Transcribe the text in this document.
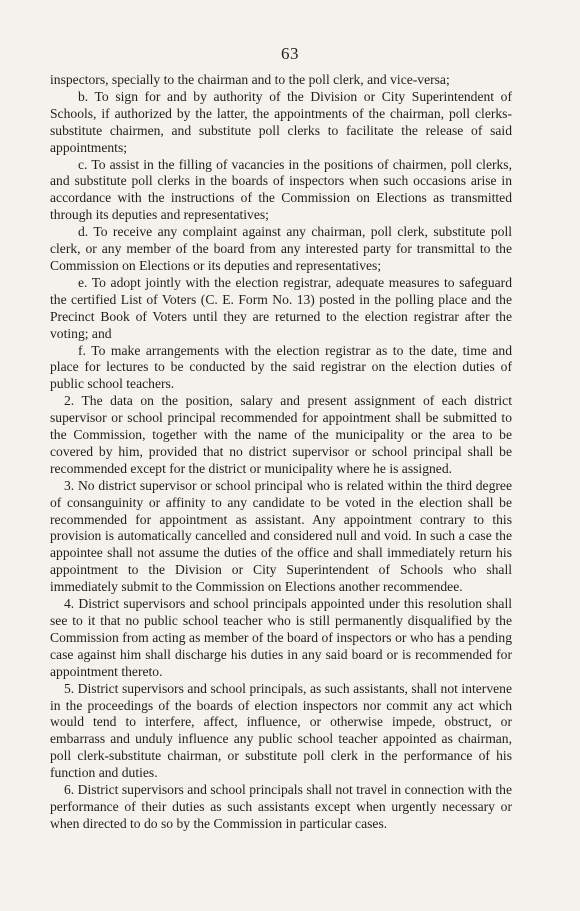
63

inspectors, specially to the chairman and to the poll clerk, and vice-versa;

b. To sign for and by authority of the Division or City Superintendent of Schools, if authorized by the latter, the appointments of the chairman, poll clerks-substitute chairmen, and substitute poll clerks to facilitate the release of said appointments;

c. To assist in the filling of vacancies in the positions of chairmen, poll clerks, and substitute poll clerks in the boards of inspectors when such occasions arise in accordance with the instructions of the Commission on Elections as transmitted through its deputies and representatives;

d. To receive any complaint against any chairman, poll clerk, substitute poll clerk, or any member of the board from any interested party for transmittal to the Commission on Elections or its deputies and representatives;

e. To adopt jointly with the election registrar, adequate measures to safeguard the certified List of Voters (C. E. Form No. 13) posted in the polling place and the Precinct Book of Voters until they are returned to the election registrar after the voting; and

f. To make arrangements with the election registrar as to the date, time and place for lectures to be conducted by the said registrar on the election duties of public school teachers.

2. The data on the position, salary and present assignment of each district supervisor or school principal recommended for appointment shall be submitted to the Commission, together with the name of the municipality or the area to be covered by him, provided that no district supervisor or school principal shall be recommended except for the district or municipality where he is assigned.

3. No district supervisor or school principal who is related within the third degree of consanguinity or affinity to any candidate to be voted in the election shall be recommended for appointment as assistant. Any appointment contrary to this provision is automatically cancelled and considered null and void. In such a case the appointee shall not assume the duties of the office and shall immediately return his appointment to the Division or City Superintendent of Schools who shall immediately submit to the Commission on Elections another recommendee.

4. District supervisors and school principals appointed under this resolution shall see to it that no public school teacher who is still permanently disqualified by the Commission from acting as member of the board of inspectors or who has a pending case against him shall discharge his duties in any said board or is recommended for appointment thereto.

5. District supervisors and school principals, as such assistants, shall not intervene in the proceedings of the boards of election inspectors nor commit any act which would tend to interfere, affect, influence, or otherwise impede, obstruct, or embarrass and unduly influence any public school teacher appointed as chairman, poll clerk-substitute chairman, or substitute poll clerk in the performance of his function and duties.

6. District supervisors and school principals shall not travel in connection with the performance of their duties as such assistants except when urgently necessary or when directed to do so by the Commission in particular cases.
